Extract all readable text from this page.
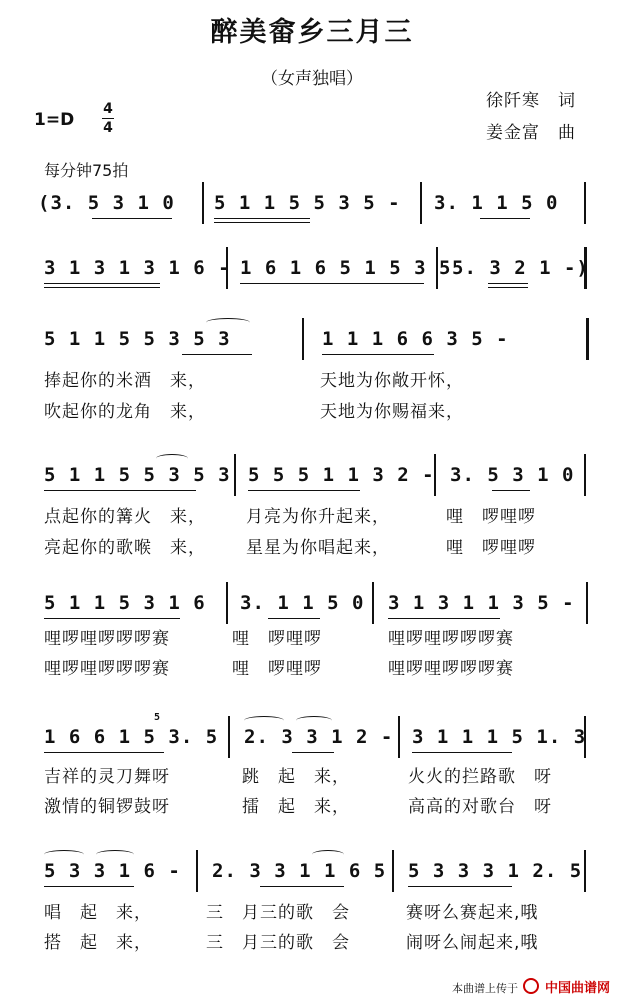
醉美畲乡三月三
（女声独唱）
徐阡寒　词
姜金富　曲
1=D
4
4
每分钟75拍
(3. 5 3 1 0 5 1 1 5 5 3 5 - 3. 1 1 5 0
3 1 3 1 3 1 6 - 1 6 1 6 5 1 5 3 5 5. 3 2 1 -)
5 1 1 5 5 3 5 3	1 1 1 6 6 3 5 -
捧起你的米酒　来，	天地为你敞开怀，
吹起你的龙角　来，	天地为你赐福来，
5 1 1 5 5 3 5 3 5 5 5 1 1 3 2 - 3. 5 3 1 0
点起你的篝火　来， 月亮为你升起来，	哩　啰哩啰
亮起你的歌喉　来， 星星为你唱起来，	哩　啰哩啰
5 1 1 5 3 1 6 3. 1 1 5 0 3 1 3 1 1 3 5 -
哩啰哩啰啰啰赛	哩　啰哩啰	哩啰哩啰啰啰赛
哩啰哩啰啰啰赛	哩　啰哩啰	哩啰哩啰啰啰赛
1 6 6 1 5 3. 5
5
2. 3 3 1 2 - 3 1 1 1 5 1. 3
吉祥的灵刀舞呀	跳　起　来，	火火的拦路歌　呀
激情的铜锣鼓呀	擂　起　来，	高高的对歌台　呀
5 3 3 1 6 - 2. 3 3 1 1 6 5 5 3 3 3 1 2. 5
唱　起　来，	三　月三的歌　会	赛呀么赛起来,哦
搭　起　来，	三　月三的歌　会	闹呀么闹起来,哦
本曲谱上传于 中国曲谱网
